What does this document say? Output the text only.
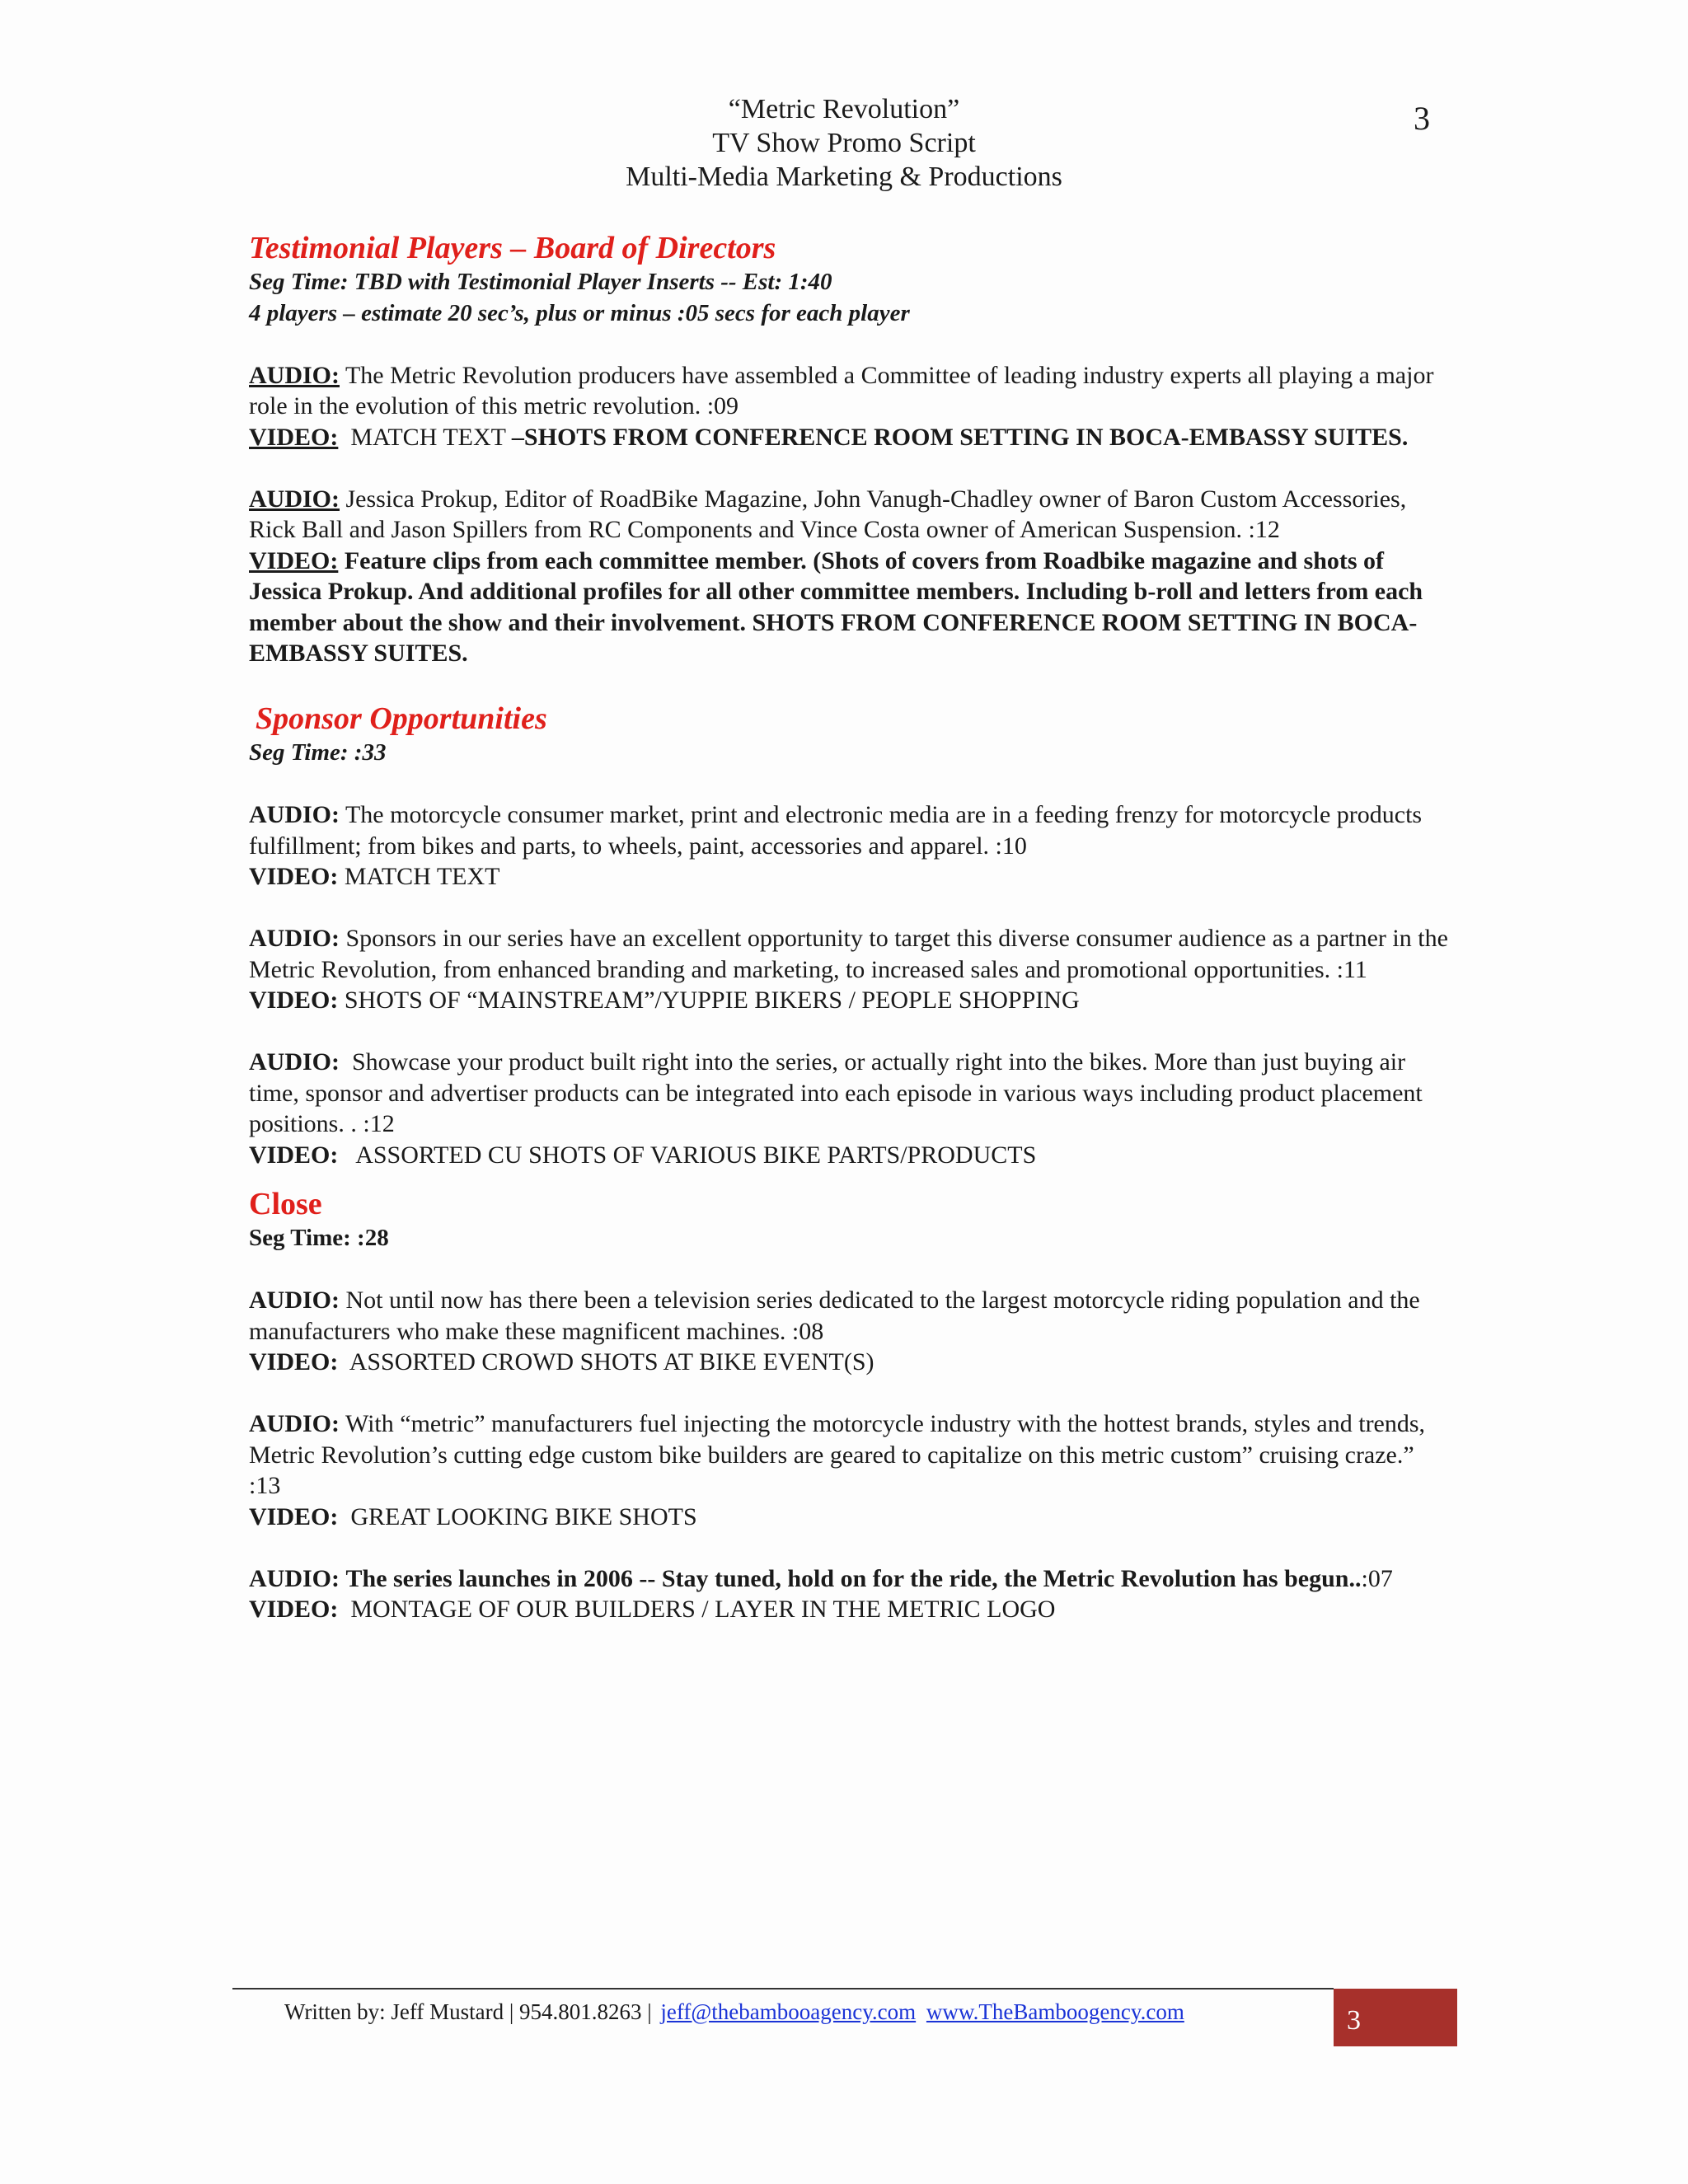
“Metric Revolution”
TV Show Promo Script
Multi-Media Marketing & Productions
3
Testimonial Players – Board of Directors
Seg Time: TBD with Testimonial Player Inserts -- Est: 1:40
4 players – estimate 20 sec’s, plus or minus :05 secs for each player
AUDIO: The Metric Revolution producers have assembled a Committee of leading industry experts all playing a major role in the evolution of this metric revolution. :09
VIDEO: MATCH TEXT –SHOTS FROM CONFERENCE ROOM SETTING IN BOCA-EMBASSY SUITES.
AUDIO: Jessica Prokup, Editor of RoadBike Magazine, John Vanugh-Chadley owner of Baron Custom Accessories, Rick Ball and Jason Spillers from RC Components and Vince Costa owner of American Suspension. :12
VIDEO: Feature clips from each committee member. (Shots of covers from Roadbike magazine and shots of Jessica Prokup. And additional profiles for all other committee members. Including b-roll and letters from each member about the show and their involvement. SHOTS FROM CONFERENCE ROOM SETTING IN BOCA-EMBASSY SUITES.
Sponsor Opportunities
Seg Time: :33
AUDIO: The motorcycle consumer market, print and electronic media are in a feeding frenzy for motorcycle products fulfillment; from bikes and parts, to wheels, paint, accessories and apparel. :10
VIDEO: MATCH TEXT
AUDIO: Sponsors in our series have an excellent opportunity to target this diverse consumer audience as a partner in the Metric Revolution, from enhanced branding and marketing, to increased sales and promotional opportunities. :11
VIDEO: SHOTS OF “MAINSTREAM”/YUPPIE BIKERS / PEOPLE SHOPPING
AUDIO: Showcase your product built right into the series, or actually right into the bikes. More than just buying air time, sponsor and advertiser products can be integrated into each episode in various ways including product placement positions. . :12
VIDEO: ASSORTED CU SHOTS OF VARIOUS BIKE PARTS/PRODUCTS
Close
Seg Time: :28
AUDIO: Not until now has there been a television series dedicated to the largest motorcycle riding population and the manufacturers who make these magnificent machines. :08
VIDEO: ASSORTED CROWD SHOTS AT BIKE EVENT(S)
AUDIO: With “metric” manufacturers fuel injecting the motorcycle industry with the hottest brands, styles and trends, Metric Revolution’s cutting edge custom bike builders are geared to capitalize on this metric custom” cruising craze.” :13
VIDEO: GREAT LOOKING BIKE SHOTS
AUDIO: The series launches in 2006 -- Stay tuned, hold on for the ride, the Metric Revolution has begun..:07
VIDEO: MONTAGE OF OUR BUILDERS / LAYER IN THE METRIC LOGO
Written by: Jeff Mustard | 954.801.8263 | jeff@thebambooagency.com www.TheBamboogency.com	3
